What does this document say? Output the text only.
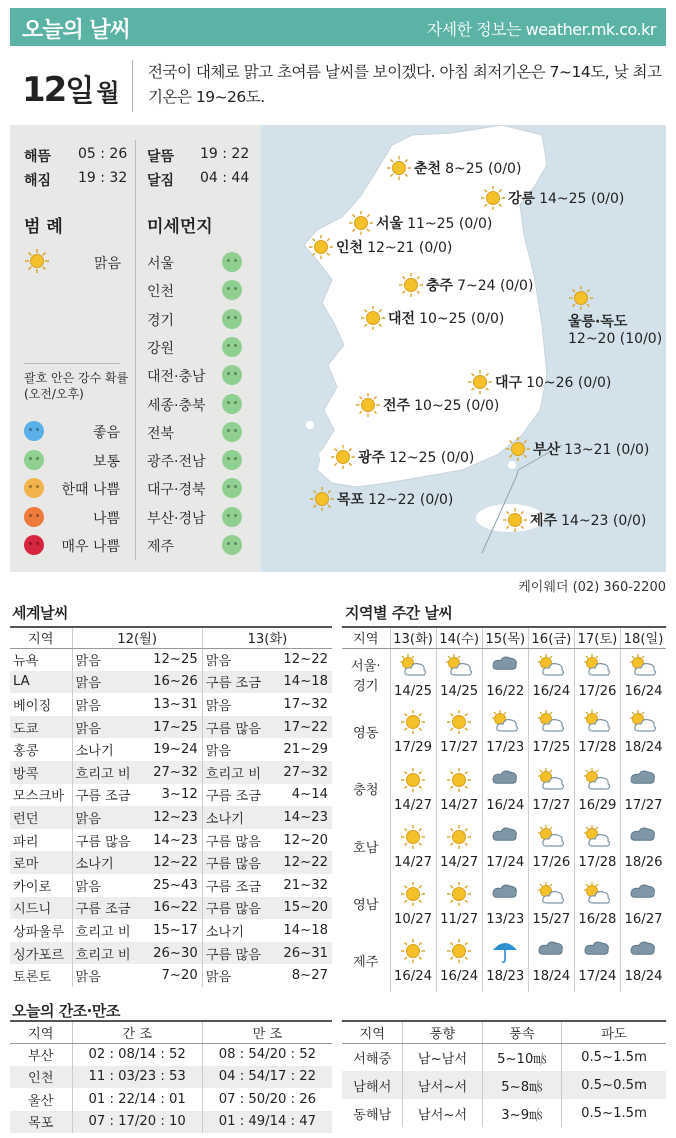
오늘의 날씨	자세한 정보는 weather.mk.co.kr
12일 월
전국이 대체로 맑고 초여름 날씨를 보이겠다. 아침 최저기온은 7~14도, 낮 최고기온은 19~26도.
해뜸 05 : 26
해짐 19 : 32
달뜸 19 : 22
달짐 04 : 44
범 례	미세먼지
맑음
괄호 안은 강수 확률
(오전/오후)
좋음
보통
한때 나쁨
나쁨
매우 나쁨
서울
인천
경기
강원
대전·충남
세종·충북
전북
광주·전남
대구·경북
부산·경남
제주
춘천 8~25 (0/0)
강릉 14~25 (0/0)
서울 11~25 (0/0)
인천 12~21 (0/0)
충주 7~24 (0/0)
대전 10~25 (0/0)	울릉·독도
12~20 (10/0)
대구 10~26 (0/0)
전주 10~25 (0/0)
부산 13~21 (0/0)
광주 12~25 (0/0)
목포 12~22 (0/0)
제주 14~23 (0/0)
케이웨더 (02) 360-2200
세계날씨
지역	12(월)		13(화)	
뉴욕	맑음	12~25	맑음	12~22
LA	맑음	16~26	구름 조금	14~18
베이징	맑음	13~31	맑음	17~32
도쿄	맑음	17~25	구름 많음	17~22
홍콩	소나기	19~24	맑음	21~29
방콕	흐리고 비	27~32	흐리고 비	27~32
모스크바	구름 조금	3~12	구름 조금	4~14
런던	맑음	12~23	소나기	14~23
파리	구름 많음	14~23	구름 많음	12~20
로마	소나기	12~22	구름 많음	12~22
카이로	맑음	25~43	구름 조금	21~32
시드니	구름 조금	16~22	구름 많음	15~20
상파울루	흐리고 비	15~17	소나기	14~18
싱가포르	흐리고 비	26~30	구름 많음	26~31
토론토	맑음	7~20	맑음	8~27
지역별 주간 날씨
지역	13(화)	14(수)	15(목)	16(금)	17(토)	18(일)
서울·
경기	14/25	14/25	16/22	16/24	17/26	16/24

영동	17/29	17/27	17/23	17/25	17/28	18/24

충청	14/27	14/27	16/24	17/27	16/29	17/27

호남	14/27	14/27	17/24	17/26	17/28	18/26

영남	10/27	11/27	13/23	15/27	16/28	16/27

제주	16/24	16/24	18/23	18/24	17/24	18/24
오늘의 간조·만조
지역	간 조	만 조
부산	02 : 08/14 : 52	08 : 54/20 : 52
인천	11 : 03/23 : 53	04 : 54/17 : 22
울산	01 : 22/14 : 01	07 : 50/20 : 26
목포	07 : 17/20 : 10	01 : 49/14 : 47
지역	풍향	풍속	파도
서해중	남~남서	5~10㎧	0.5~1.5m
남해서	남서~서	5~8㎧	0.5~0.5m
동해남	남서~서	3~9㎧	0.5~1.5m
